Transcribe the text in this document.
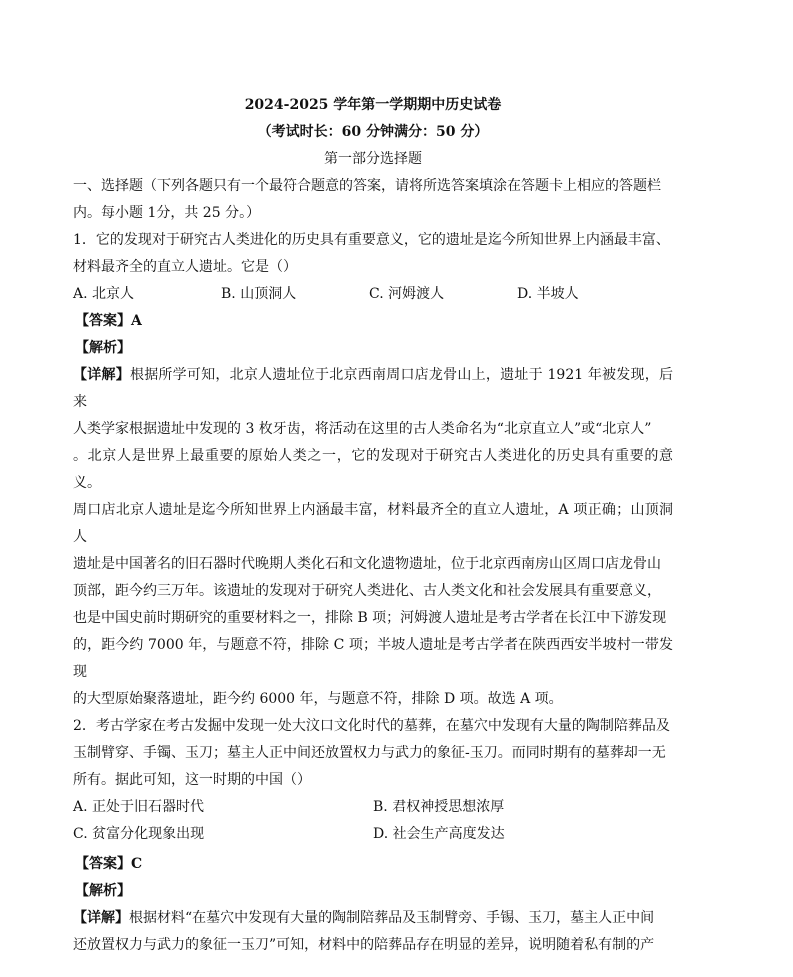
2024-2025 学年第一学期期中历史试卷
（考试时长：60 分钟满分：50 分）
第一部分选择题

一、选择题（下列各题只有一个最符合题意的答案，请将所选答案填涂在答题卡上相应的答题栏

内。每小题 1分，共 25 分。）

1．它的发现对于研究古人类进化的历史具有重要意义，它的遗址是迄今所知世界上内涵最丰富、

材料最齐全的直立人遗址。它是（）

A. 北京人	B. 山顶洞人	C. 河姆渡人	D. 半坡人
【答案】A
【解析】

【详解】根据所学可知，北京人遗址位于北京西南周口店龙骨山上，遗址于 1921 年被发现，后来

人类学家根据遗址中发现的 3 枚牙齿，将活动在这里的古人类命名为“北京直立人”或“北京人”

。北京人是世界上最重要的原始人类之一，它的发现对于研究古人类进化的历史具有重要的意义。

周口店北京人遗址是迄今所知世界上内涵最丰富，材料最齐全的直立人遗址，A 项正确；山顶洞人

遗址是中国著名的旧石器时代晚期人类化石和文化遗物遗址，位于北京西南房山区周口店龙骨山

顶部，距今约三万年。该遗址的发现对于研究人类进化、古人类文化和社会发展具有重要意义，

也是中国史前时期研究的重要材料之一，排除 B 项；河姆渡人遗址是考古学者在长江中下游发现

的，距今约 7000 年，与题意不符，排除 C 项；半坡人遗址是考古学者在陕西西安半坡村一带发现

的大型原始聚落遗址，距今约 6000 年，与题意不符，排除 D 项。故选 A 项。

2．考古学家在考古发掘中发现一处大汶口文化时代的墓葬，在墓穴中发现有大量的陶制陪葬品及

玉制臂穿、手镯、玉刀；墓主人正中间还放置权力与武力的象征-玉刀。而同时期有的墓葬却一无

所有。据此可知，这一时期的中国（）

A. 正处于旧石器时代	B. 君权神授思想浓厚
C. 贫富分化现象出现	D. 社会生产高度发达
【答案】C
【解析】

【详解】根据材料“在墓穴中发现有大量的陶制陪葬品及玉制臂旁、手锡、玉刀，墓主人正中间

还放置权力与武力的象征一玉刀”可知，材料中的陪葬品存在明显的差异，说明随着私有制的产
